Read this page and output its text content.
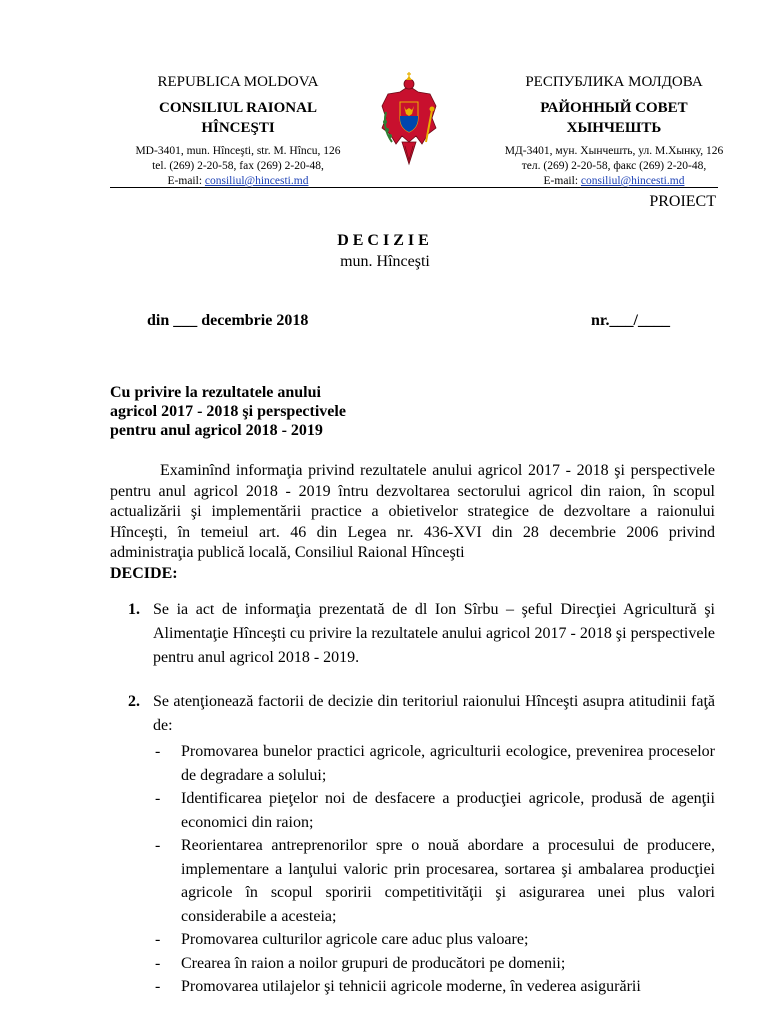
REPUBLICA MOLDOVA
CONSILIUL RAIONAL
HÎNCEŞTI
MD-3401, mun. Hînceşti, str. M. Hîncu, 126
tel. (269) 2-20-58, fax (269) 2-20-48,
E-mail: consiliul@hincesti.md
РЕСПУБЛИКА МОЛДОВА
РАЙОННЫЙ СОВЕТ
ХЫНЧЕШТЬ
МД-3401, мун. Хынчешть, ул. М.Хынку, 126
тел. (269) 2-20-58, факс (269) 2-20-48,
E-mail: consiliul@hincesti.md
PROIECT
DECIZIE
mun. Hînceşti
din ___ decembrie 2018	nr.___/____
Cu privire la rezultatele anului
agricol 2017 - 2018 şi perspectivele
pentru anul agricol 2018 - 2019
Examinînd informaţia privind rezultatele anului agricol 2017 - 2018 şi perspectivele pentru anul agricol 2018 - 2019 întru dezvoltarea sectorului agricol din raion, în scopul actualizării şi implementării practice a obietivelor strategice de dezvoltare a raionului Hînceşti, în temeiul art. 46 din Legea nr. 436-XVI din 28 decembrie 2006 privind administraţia publică locală, Consiliul Raional Hînceşti
DECIDE:
1. Se ia act de informaţia prezentată de dl Ion Sîrbu – şeful Direcţiei Agricultură şi Alimentaţie Hînceşti cu privire la rezultatele anului agricol 2017 - 2018 şi perspectivele pentru anul agricol 2018 - 2019.
2. Se atenţionează factorii de decizie din teritoriul raionului Hînceşti asupra atitudinii faţă de:
- Promovarea bunelor practici agricole, agriculturii ecologice, prevenirea proceselor de degradare a solului;
- Identificarea pieţelor noi de desfacere a producţiei agricole, produsă de agenţii economici din raion;
- Reorientarea antreprenorilor spre o nouă abordare a procesului de producere, implementare a lanţului valoric prin procesarea, sortarea şi ambalarea producţiei agricole în scopul sporirii competitivităţii şi asigurarea unei plus valori considerabile a acesteia;
- Promovarea culturilor agricole care aduc plus valoare;
- Crearea în raion a noilor grupuri de producători pe domenii;
- Promovarea utilajelor şi tehnicii agricole moderne, în vederea asigurării
